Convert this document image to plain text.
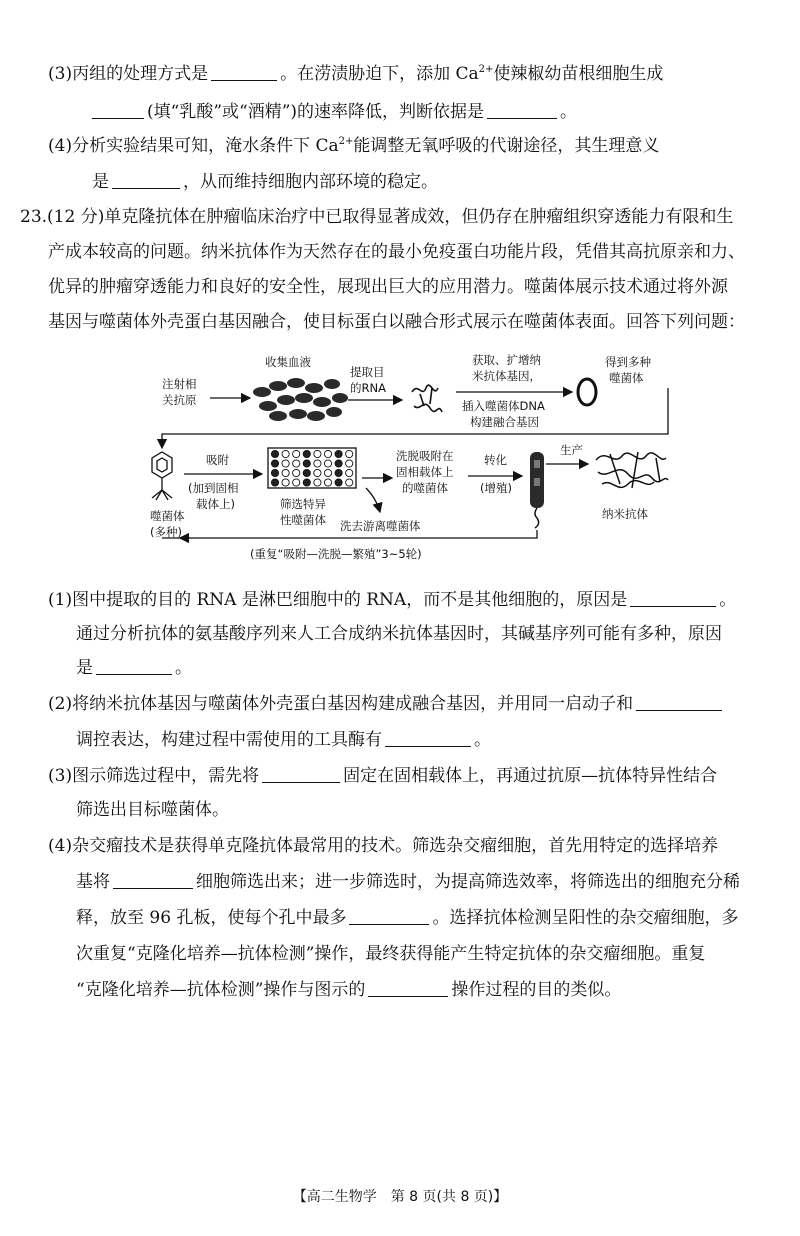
(3)丙组的处理方式是	。在涝渍胁迫下，添加 $Ca^{2+}$使辣椒幼苗根细胞生成
(填“乳酸”或“酒精”)的速率降低，判断依据是	。
(4)分析实验结果可知，淹水条件下 $Ca^{2+}$能调整无氧呼吸的代谢途径，其生理意义
是	，从而维持细胞内部环境的稳定。
23.(12 分)单克隆抗体在肿瘤临床治疗中已取得显著成效，但仍存在肿瘤组织穿透能力有限和生
产成本较高的问题。纳米抗体作为天然存在的最小免疫蛋白功能片段，凭借其高抗原亲和力、
优异的肿瘤穿透能力和良好的安全性，展现出巨大的应用潜力。噬菌体展示技术通过将外源
基因与噬菌体外壳蛋白基因融合，使目标蛋白以融合形式展示在噬菌体表面。回答下列问题：
注射相
关抗原
收集血液
提取目
的RNA
获取、扩增纳
米抗体基因，
插入噬菌体DNA
构建融合基因
得到多种
噬菌体
噬菌体
(多种)
吸附
(加到固相
载体上)	筛选特异
性噬菌体
洗脱吸附在
固相载体上
的噬菌体
洗去游离噬菌体
转化
(增殖)
生产
纳米抗体
(重复“吸附—洗脱—繁殖”3~5轮)
(1)图中提取的目的 RNA 是淋巴细胞中的 RNA，而不是其他细胞的，原因是	。
通过分析抗体的氨基酸序列来人工合成纳米抗体基因时，其碱基序列可能有多种，原因
是	。
(2)将纳米抗体基因与噬菌体外壳蛋白基因构建成融合基因，并用同一启动子和
调控表达，构建过程中需使用的工具酶有	。
(3)图示筛选过程中，需先将	固定在固相载体上，再通过抗原—抗体特异性结合
筛选出目标噬菌体。
(4)杂交瘤技术是获得单克隆抗体最常用的技术。筛选杂交瘤细胞，首先用特定的选择培养
基将	细胞筛选出来；进一步筛选时，为提高筛选效率，将筛选出的细胞充分稀
释，放至 96 孔板，使每个孔中最多	。选择抗体检测呈阳性的杂交瘤细胞，多
次重复“克隆化培养—抗体检测”操作，最终获得能产生特定抗体的杂交瘤细胞。重复
“克隆化培养—抗体检测”操作与图示的	操作过程的目的类似。
【高二生物学　第 8 页(共 8 页)】
